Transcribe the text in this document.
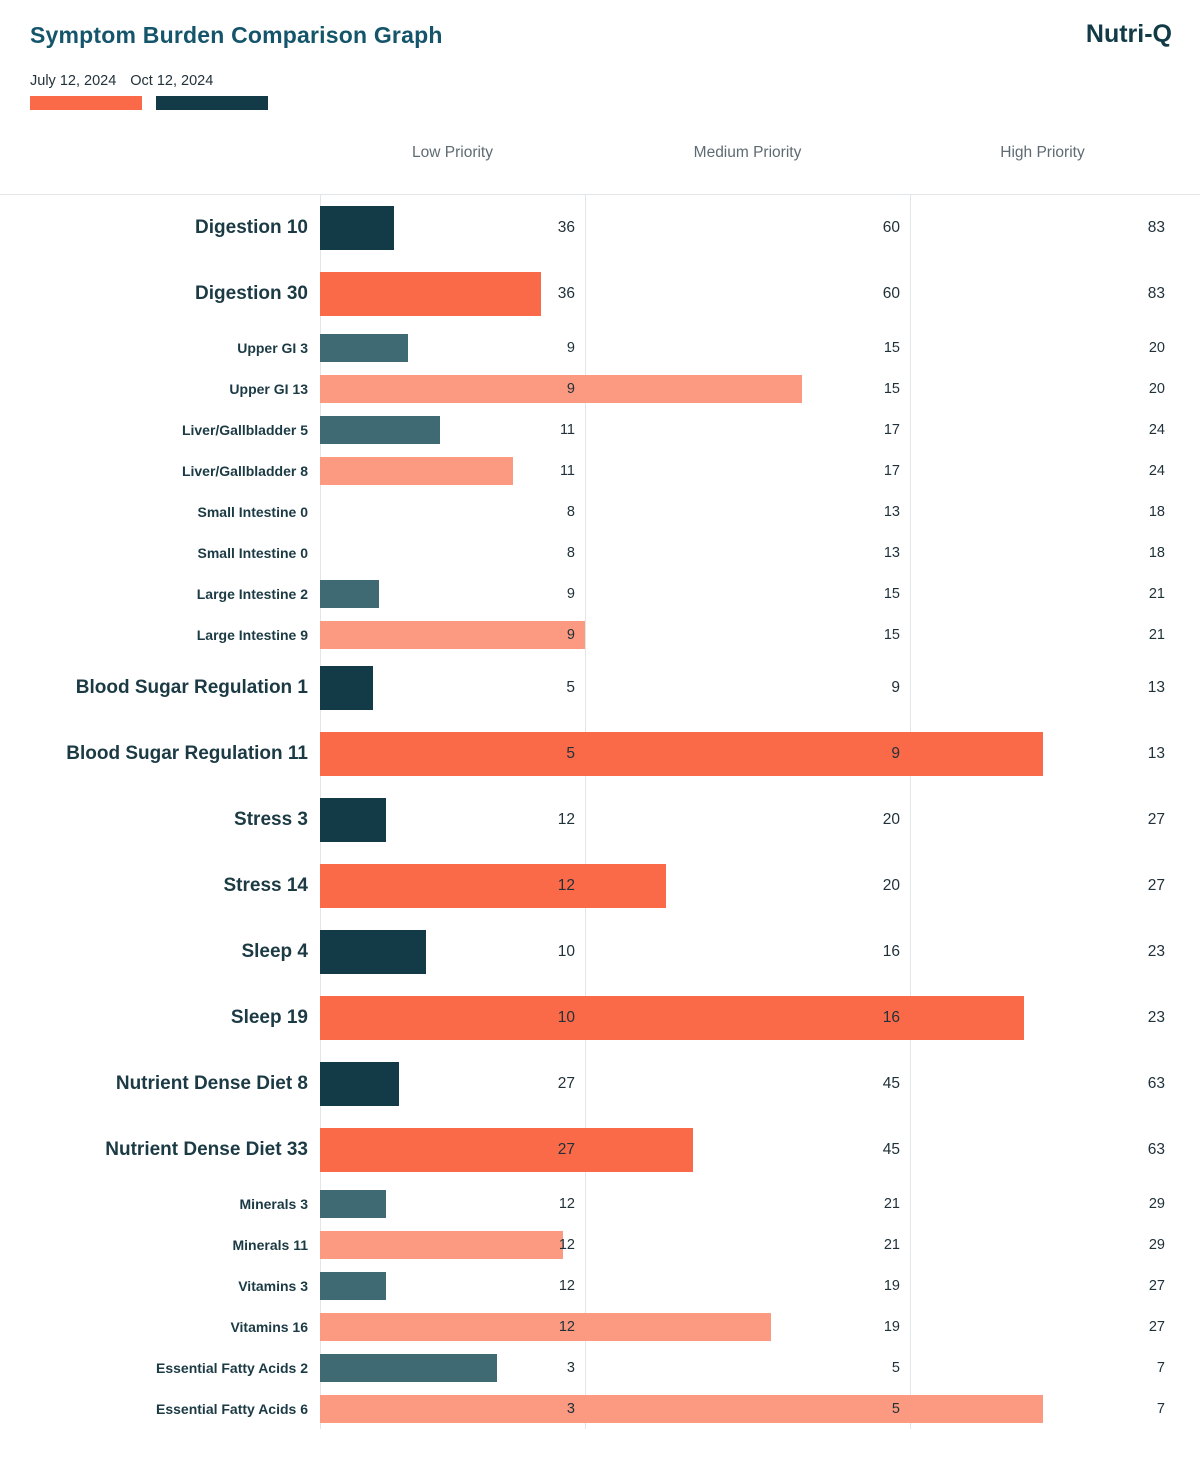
Symptom Burden Comparison Graph	Nutri-Q
July 12, 2024 Oct 12, 2024
Low Priority	Medium Priority	High Priority
Digestion 10	36	60	83
Digestion 30	36	60	83
Upper GI 3	9	15	20
Upper GI 13	9	15	20
Liver/Gallbladder 5	11	17	24
Liver/Gallbladder 8	11	17	24
Small Intestine 0	8	13	18
Small Intestine 0	8	13	18
Large Intestine 2	9	15	21
Large Intestine 9	9	15	21
Blood Sugar Regulation 1	5	9	13
Blood Sugar Regulation 11	5	9	13
Stress 3	12	20	27
Stress 14	12	20	27
Sleep 4	10	16	23
Sleep 19	10	16	23
Nutrient Dense Diet 8	27	45	63
Nutrient Dense Diet 33	27	45	63
Minerals 3	12	21	29
Minerals 11	12	21	29
Vitamins 3	12	19	27
Vitamins 16	12	19	27
Essential Fatty Acids 2	3	5	7
Essential Fatty Acids 6	3	5	7
